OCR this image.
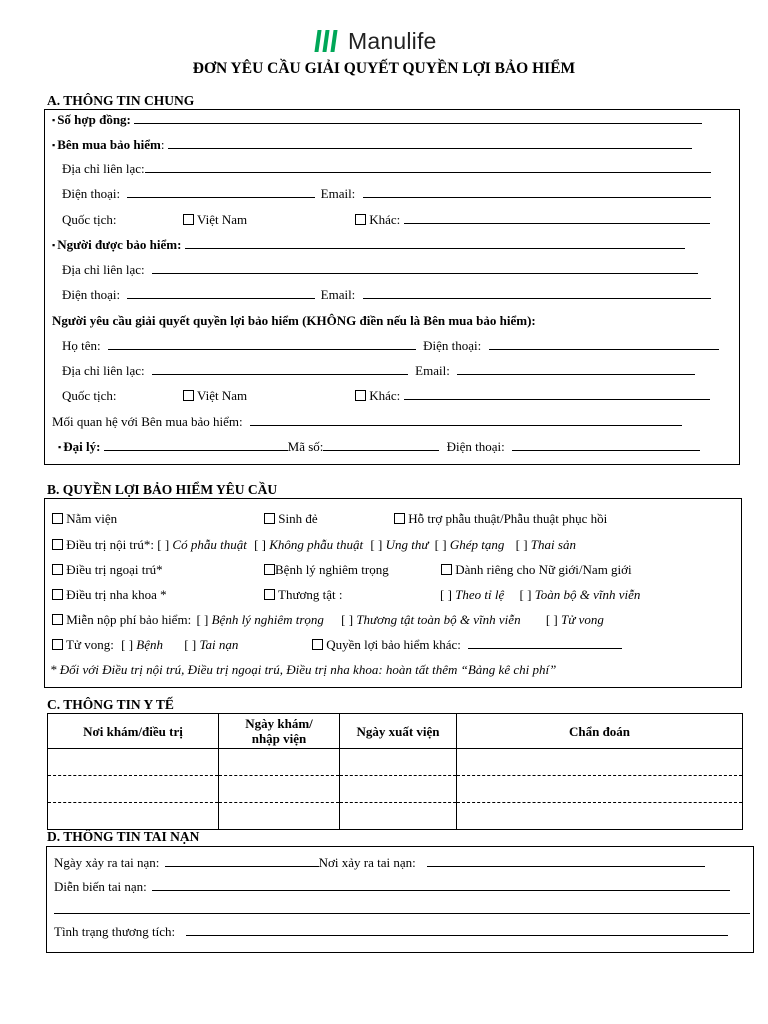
Manulife
ĐƠN YÊU CẦU GIẢI QUYẾT QUYỀN LỢI BẢO HIỂM
A. THÔNG TIN CHUNG
▪ Số hợp đồng:
▪ Bên mua bảo hiểm:
Địa chỉ liên lạc:
Điện thoại:	Email:
Quốc tịch:	Việt Nam	Khác:
▪ Người được bảo hiểm:
Địa chỉ liên lạc:
Điện thoại:	Email:
Người yêu cầu giải quyết quyền lợi bảo hiểm (KHÔNG điền nếu là Bên mua bảo hiểm):
Họ tên:	Điện thoại:
Địa chỉ liên lạc:	Email:
Quốc tịch:	Việt Nam	Khác:
Mối quan hệ với Bên mua bảo hiểm:
▪ Đại lý:	Mã số:	Điện thoại:
B. QUYỀN LỢI BẢO HIỂM YÊU CẦU
Nằm viện	Sinh đẻ	Hỗ trợ phẫu thuật/Phẫu thuật phục hồi
Điều trị nội trú*: [ ] Có phẫu thuật [ ] Không phẫu thuật [ ] Ung thư [ ] Ghép tạng [ ] Thai sản
Điều trị ngoại trú*	Bệnh lý nghiêm trọng	Dành riêng cho Nữ giới/Nam giới
Điều trị nha khoa *	Thương tật :	[ ] Theo tỉ lệ [ ] Toàn bộ & vĩnh viễn
Miễn nộp phí bảo hiểm: [ ] Bệnh lý nghiêm trọng [ ] Thương tật toàn bộ & vĩnh viễn [ ] Tử vong
Tử vong: [ ] Bệnh [ ] Tai nạn	Quyền lợi bảo hiểm khác:
* Đối với Điều trị nội trú, Điều trị ngoại trú, Điều trị nha khoa: hoàn tất thêm “Bảng kê chi phí”
C. THÔNG TIN Y TẾ
Nơi khám/điều trị	Ngày khám/
nhập viện	Ngày xuất viện	Chẩn đoán

D. THÔNG TIN TAI NẠN
Ngày xảy ra tai nạn:	Nơi xảy ra tai nạn:
Diễn biến tai nạn:
Tình trạng thương tích:
